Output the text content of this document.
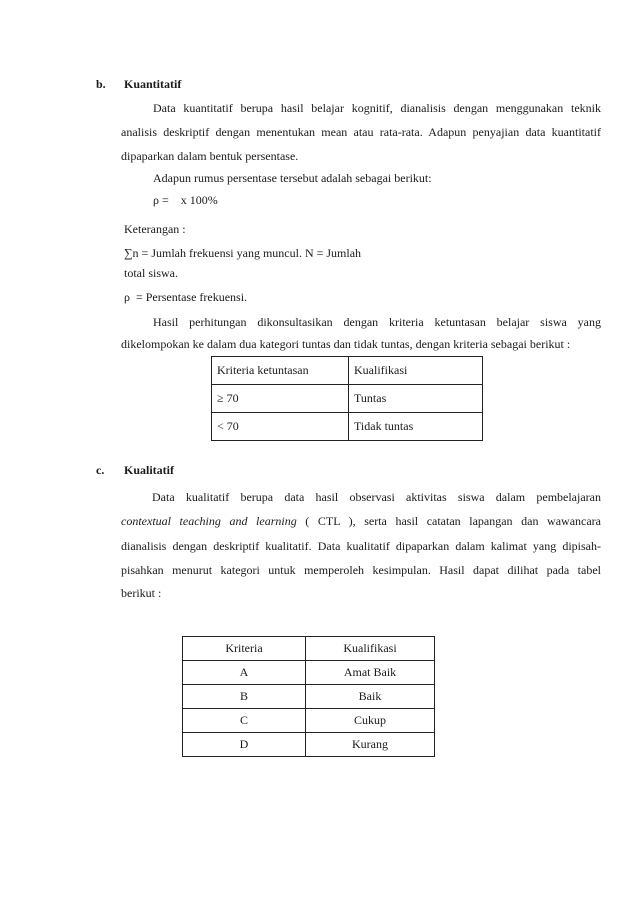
b. Kuantitatif
Data kuantitatif berupa hasil belajar kognitif, dianalisis dengan menggunakan teknik
analisis deskriptif dengan menentukan mean atau rata-rata. Adapun penyajian data kuantitatif
dipaparkan dalam bentuk persentase.
Adapun rumus persentase tersebut adalah sebagai berikut:
ρ =    x 100%
Keterangan :
∑n = Jumlah frekuensi yang muncul. N = Jumlah
total siswa.
ρ  = Persentase frekuensi.
Hasil perhitungan dikonsultasikan dengan kriteria ketuntasan belajar siswa yang
dikelompokan ke dalam dua kategori tuntas dan tidak tuntas, dengan kriteria sebagai berikut :
Kriteria ketuntasan	Kualifikasi
≥ 70	Tuntas
< 70	Tidak tuntas
c. Kualitatif
Data kualitatif berupa data hasil observasi aktivitas siswa dalam pembelajaran
contextual teaching and learning ( CTL ), serta hasil catatan lapangan dan wawancara
dianalisis dengan deskriptif kualitatif. Data kualitatif dipaparkan dalam kalimat yang dipisah-
pisahkan menurut kategori untuk memperoleh kesimpulan. Hasil dapat dilihat pada tabel
berikut :
Kriteria	Kualifikasi
A	Amat Baik
B	Baik
C	Cukup
D	Kurang
